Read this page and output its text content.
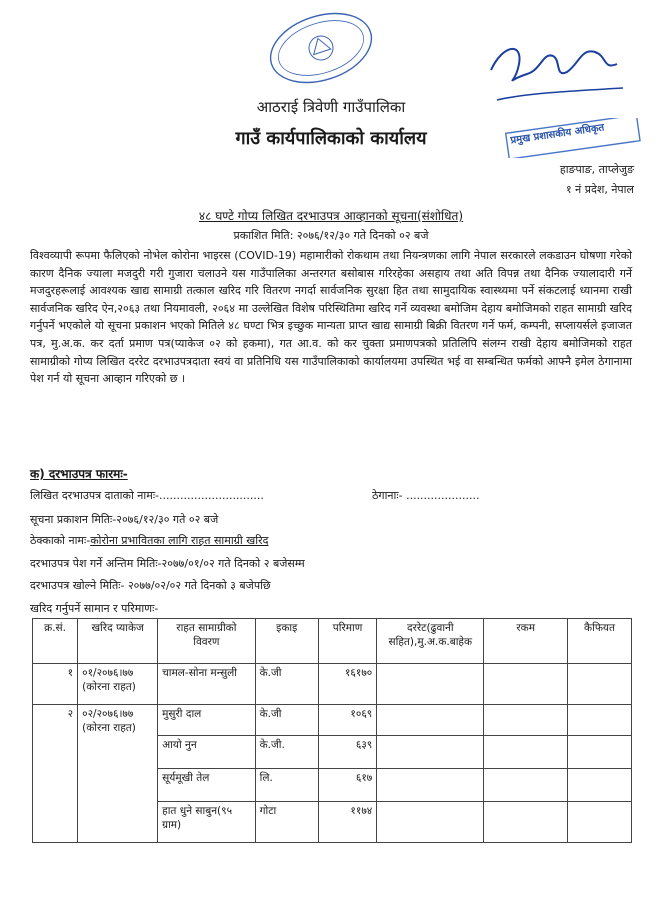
प्रमुख प्रशासकीय अधिकृत
आठराई त्रिवेणी गाउँपालिका
गाउँ कार्यपालिकाको कार्यालय
हाङपाङ, ताप्लेजुङ
१ नं प्रदेश, नेपाल
४८ घण्टे गोप्य लिखित दरभाउपत्र आव्हानको सूचना(संशोधित)
प्रकाशित मिति: २०७६/१२/३० गते दिनको ०२ बजे
विश्वव्यापी रूपमा फैलिएको नोभेल कोरोना भाइरस (COVID-19) महामारीको रोकथाम तथा नियन्त्रणका लागि नेपाल सरकारले लकडाउन घोषणा गरेको कारण दैनिक ज्याला मजदुरी गरी गुजारा चलाउने यस गाउँपालिका अन्तरगत बसोबास गरिरहेका असहाय तथा अति विपन्न तथा दैनिक ज्यालादारी गर्ने मजदुरहरूलाई आवश्यक खाद्य सामाग्री तत्काल खरिद गरि वितरण नगर्दा सार्वजनिक सुरक्षा हित तथा सामुदायिक स्वास्थ्यमा पर्ने संकटलाई ध्यानमा राखी सार्वजनिक खरिद ऐन,२०६३ तथा नियमावली, २०६४ मा उल्लेखित विशेष परिस्थितिमा खरिद गर्ने व्यवस्था बमोजिम देहाय बमोजिमको राहत सामाग्री खरिद गर्नुपर्ने भएकोले यो सूचना प्रकाशन भएको मितिले ४८ घण्टा भित्र इच्छुक मान्यता प्राप्त खाद्य सामाग्री बिक्री वितरण गर्ने फर्म, कम्पनी, सप्लायर्सले इजाजत पत्र, मु.अ.क. कर दर्ता प्रमाण पत्र(प्याकेज ०२ को हकमा), गत आ.व. को कर चुक्ता प्रमाणपत्रको प्रतिलिपि संलग्न राखी देहाय बमोजिमको राहत सामाग्रीको गोप्य लिखित दररेट दरभाउपत्रदाता स्वयं वा प्रतिनिधि यस गाउँपालिकाको कार्यालयमा उपस्थित भई वा सम्बन्धित फर्मको आफ्नै इमेल ठेगानामा पेश गर्न यो सूचना आव्हान गरिएको छ ।
क) दरभाउपत्र फारमः-
लिखित दरभाउपत्र दाताको नामः-..............................	ठेगानाः- .....................
सूचना प्रकाशन मितिः-२०७६/१२/३० गते ०२ बजे
ठेक्काको नामः-कोरोना प्रभावितका लागि राहत सामाग्री खरिद
दरभाउपत्र पेश गर्ने अन्तिम मितिः-२०७७/०१/०२ गते दिनको २ बजेसम्म
दरभाउपत्र खोल्ने मितिः- २०७७/०२/०२ गते दिनको ३ बजेपछि
खरिद गर्नुपर्ने सामान र परिमाणः-
क्र.सं.	खरिद प्याकेज	राहत सामाग्रीको विवरण	इकाइ	परिमाण	दररेट(ढुवानी सहित),मु.अ.क.बाहेक	रकम	कैफियत
१	०१/२०७६।७७ (कोरना राहत)	चामल-सोना मन्सुली	के.जी	१६१७०			
२	०२/२०७६।७७ (कोरना राहत)	मुसुरी दाल	के.जी	१०६९			
		आयो नुन	के.जी.	६३९			
		सूर्यमूखी तेल	लि.	६१७			
		हात धुने साबुन(९५ ग्राम)	गोटा	११७४			
